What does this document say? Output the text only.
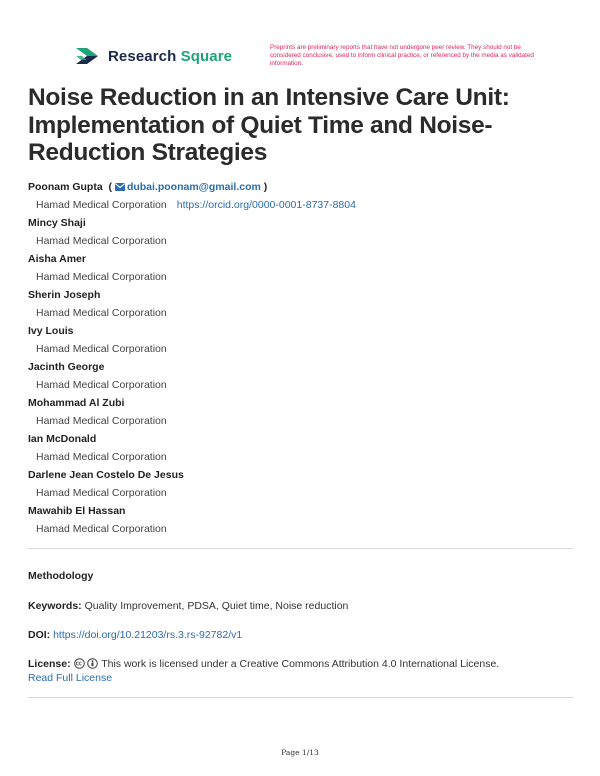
Research Square	Preprints are preliminary reports that have not undergone peer review. They should not be considered conclusive, used to inform clinical practice, or referenced by the media as validated information.
Noise Reduction in an Intensive Care Unit: Implementation of Quiet Time and Noise-Reduction Strategies
Poonam Gupta  ( dubai.poonam@gmail.com )
Hamad Medical Corporation https://orcid.org/0000-0001-8737-8804
Mincy Shaji
Hamad Medical Corporation
Aisha Amer
Hamad Medical Corporation
Sherin Joseph
Hamad Medical Corporation
Ivy Louis
Hamad Medical Corporation
Jacinth George
Hamad Medical Corporation
Mohammad Al Zubi
Hamad Medical Corporation
Ian McDonald
Hamad Medical Corporation
Darlene Jean Costelo De Jesus
Hamad Medical Corporation
Mawahib El Hassan
Hamad Medical Corporation
Methodology
Keywords: Quality Improvement, PDSA, Quiet time, Noise reduction
DOI: https://doi.org/10.21203/rs.3.rs-92782/v1
License:	This work is licensed under a Creative Commons Attribution 4.0 International License.
Read Full License
Page 1/13
